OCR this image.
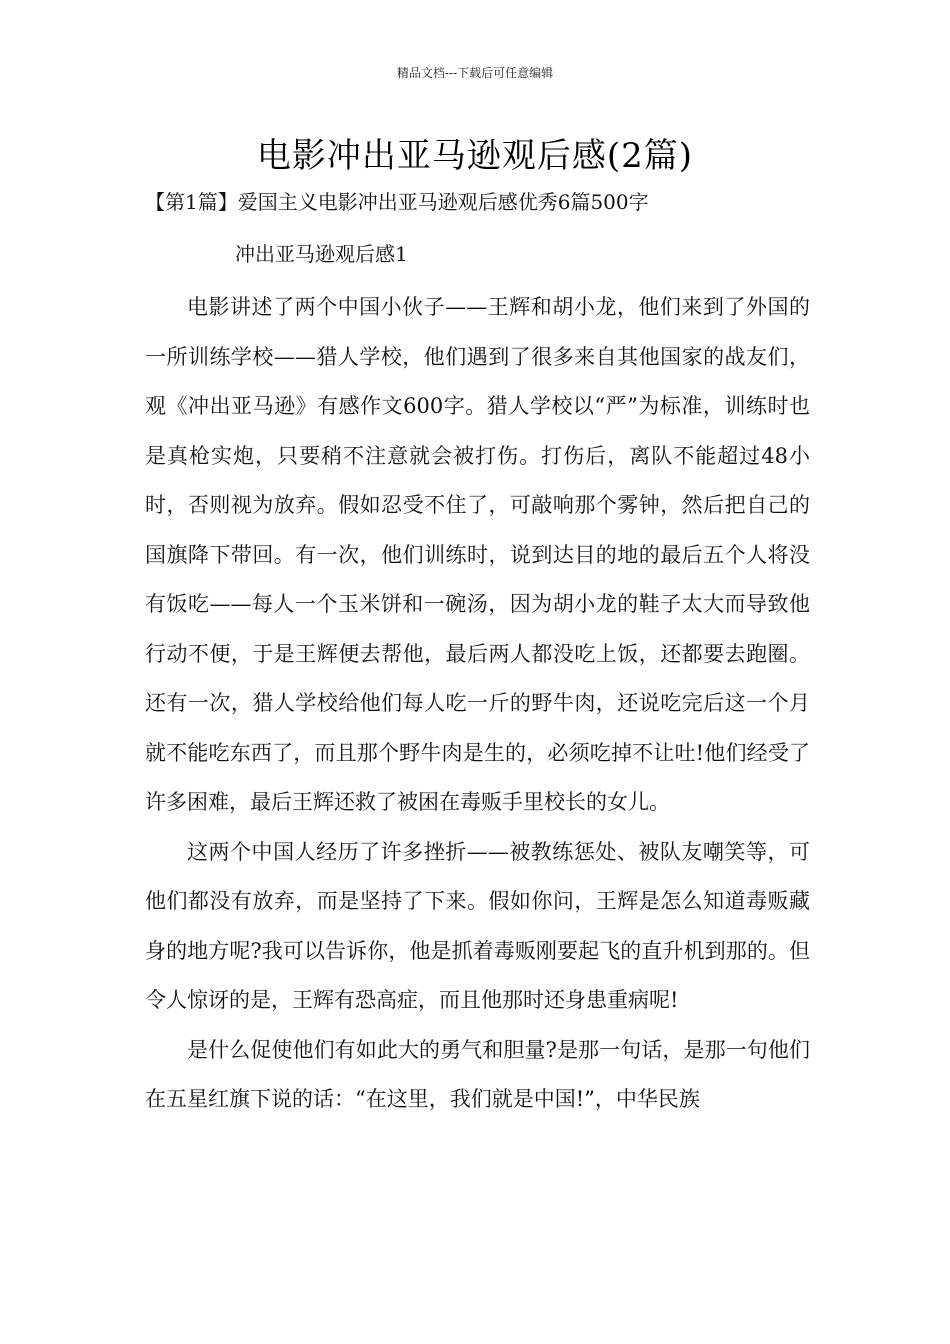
精品文档---下载后可任意编辑
电影冲出亚马逊观后感(2篇)
【第1篇】爱国主义电影冲出亚马逊观后感优秀6篇500字
冲出亚马逊观后感1

电影讲述了两个中国小伙子——王辉和胡小龙，他们来到了外国的一所训练学校——猎人学校，他们遇到了很多来自其他国家的战友们，观《冲出亚马逊》有感作文600字。猎人学校以“严”为标准，训练时也是真枪实炮，只要稍不注意就会被打伤。打伤后，离队不能超过48小时，否则视为放弃。假如忍受不住了，可敲响那个雾钟，然后把自己的国旗降下带回。有一次，他们训练时，说到达目的地的最后五个人将没有饭吃——每人一个玉米饼和一碗汤，因为胡小龙的鞋子太大而导致他行动不便，于是王辉便去帮他，最后两人都没吃上饭，还都要去跑圈。还有一次，猎人学校给他们每人吃一斤的野牛肉，还说吃完后这一个月就不能吃东西了，而且那个野牛肉是生的，必须吃掉不让吐!他们经受了许多困难，最后王辉还救了被困在毒贩手里校长的女儿。

这两个中国人经历了许多挫折——被教练惩处、被队友嘲笑等，可他们都没有放弃，而是坚持了下来。假如你问，王辉是怎么知道毒贩藏身的地方呢?我可以告诉你，他是抓着毒贩刚要起飞的直升机到那的。但令人惊讶的是，王辉有恐高症，而且他那时还身患重病呢!

是什么促使他们有如此大的勇气和胆量?是那一句话，是那一句他们在五星红旗下说的话：“在这里，我们就是中国!”，中华民族
